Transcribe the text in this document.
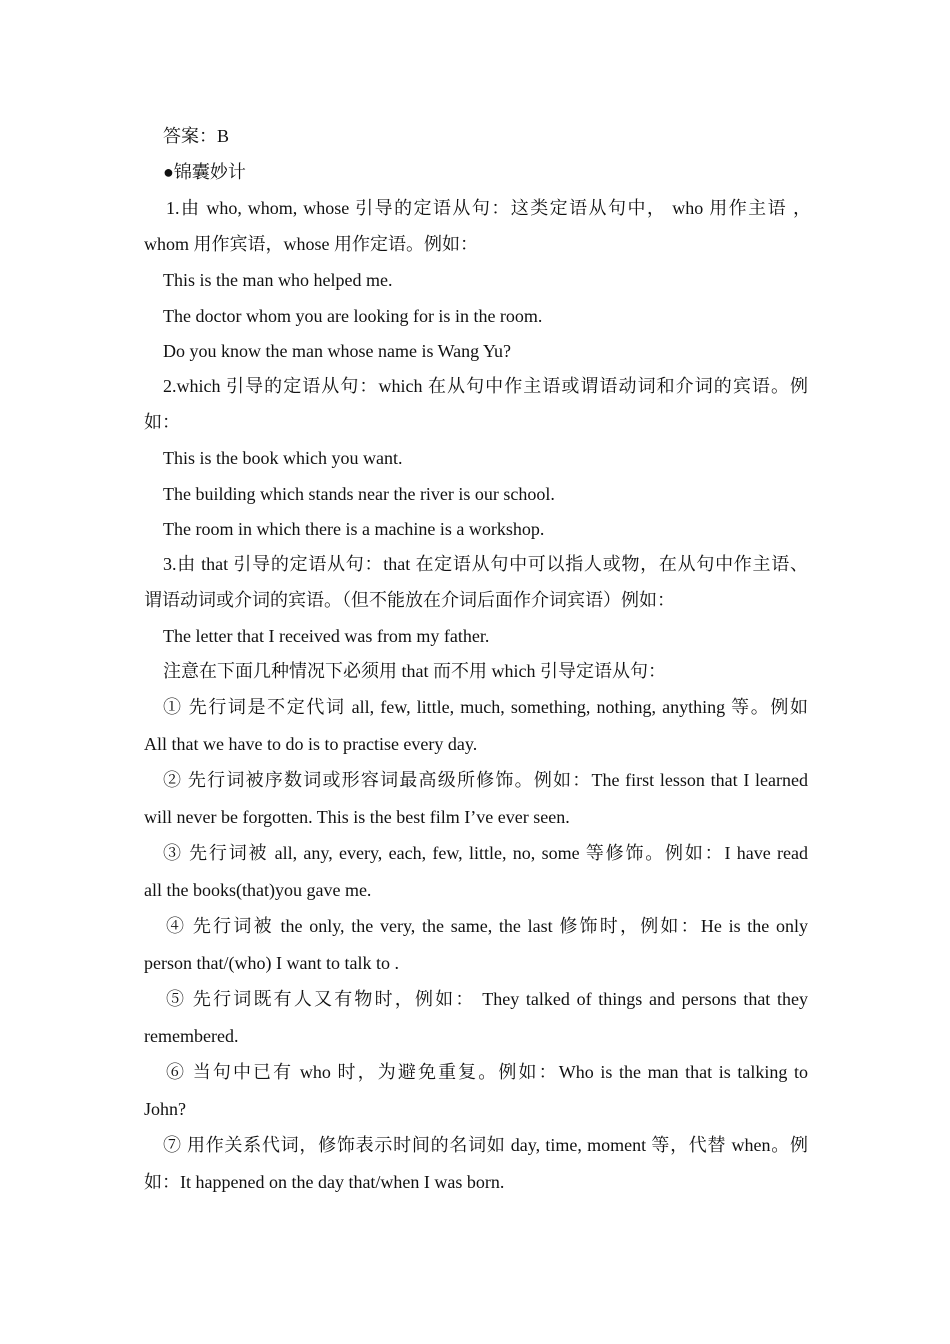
答案：B
●锦囊妙计
1.由 who, whom, whose 引导的定语从句：这类定语从句中， who 用作主语 ，
whom 用作宾语，whose 用作定语。例如：
This is the man who helped me.
The doctor whom you are looking for is in the room.
Do you know the man whose name is Wang Yu?
2.which 引导的定语从句：which 在从句中作主语或谓语动词和介词的宾语。例
如：
This is the book which you want.
The building which stands near the river is our school.
The room in which there is a machine is a workshop.
3.由 that 引导的定语从句：that 在定语从句中可以指人或物，在从句中作主语、
谓语动词或介词的宾语。（但不能放在介词后面作介词宾语）例如：
The letter that I received was from my father.
注意在下面几种情况下必须用 that 而不用 which 引导定语从句：
① 先行词是不定代词 all, few, little, much, something, nothing, anything 等。例如
All that we have to do is to practise every day.
② 先行词被序数词或形容词最高级所修饰。例如：The first lesson that I learned
will never be forgotten. This is the best film I’ve ever seen.
③ 先行词被 all, any, every, each, few, little, no, some 等修饰。例如：I have read
all the books(that)you gave me.
④ 先行词被 the only, the very, the same, the last 修饰时，例如：He is the only
person that/(who) I want to talk to .
⑤ 先行词既有人又有物时，例如： They talked of things and persons that they
remembered.
⑥ 当句中已有 who 时，为避免重复。例如：Who is the man that is talking to
John?
⑦ 用作关系代词，修饰表示时间的名词如 day, time, moment 等，代替 when。例
如：It happened on the day that/when I was born.
